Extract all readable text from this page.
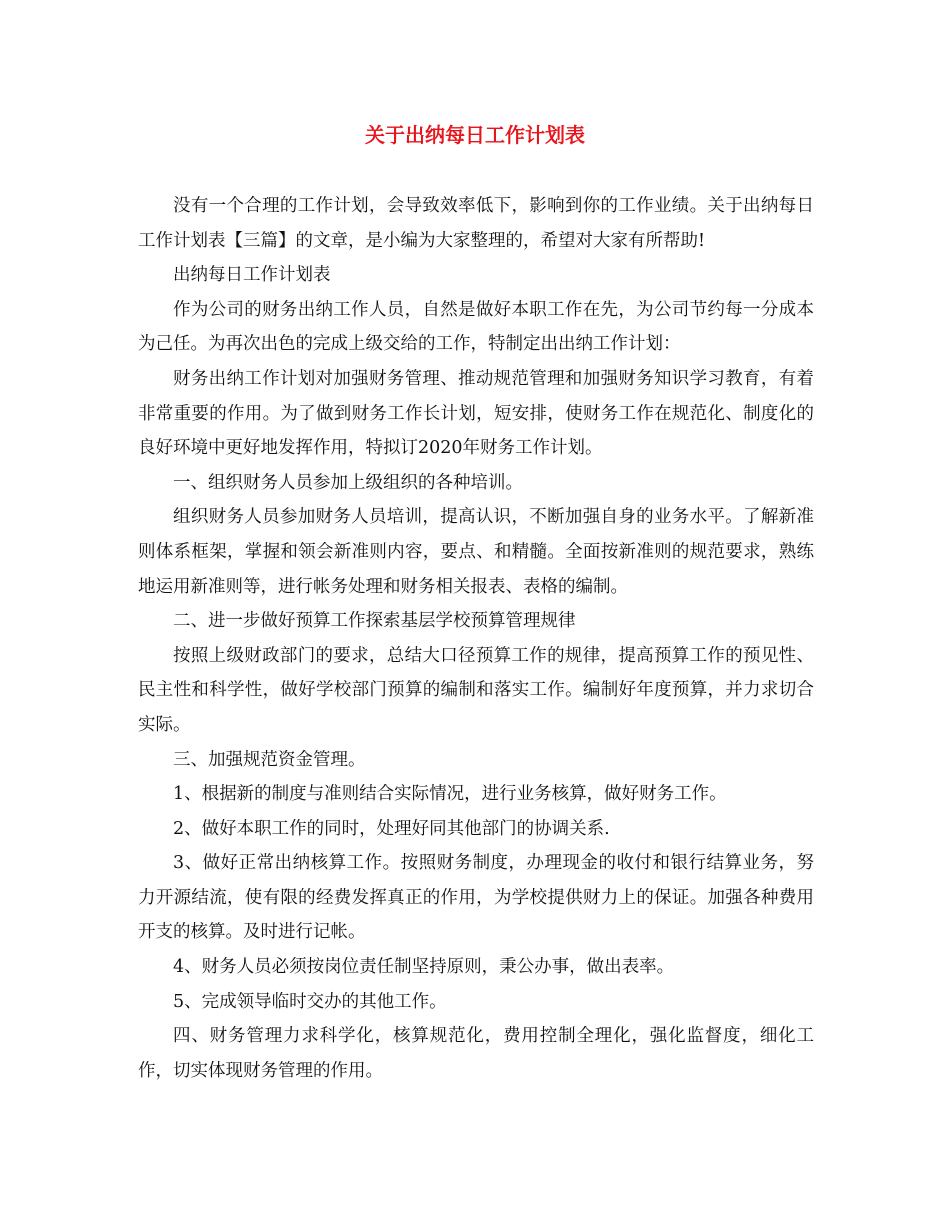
关于出纳每日工作计划表

没有一个合理的工作计划，会导致效率低下，影响到你的工作业绩。关于出纳每日工作计划表【三篇】的文章，是小编为大家整理的，希望对大家有所帮助!

出纳每日工作计划表

作为公司的财务出纳工作人员，自然是做好本职工作在先，为公司节约每一分成本为己任。为再次出色的完成上级交给的工作，特制定出出纳工作计划：

财务出纳工作计划对加强财务管理、推动规范管理和加强财务知识学习教育，有着非常重要的作用。为了做到财务工作长计划，短安排，使财务工作在规范化、制度化的良好环境中更好地发挥作用，特拟订2020年财务工作计划。

一、组织财务人员参加上级组织的各种培训。

组织财务人员参加财务人员培训，提高认识，不断加强自身的业务水平。了解新准则体系框架，掌握和领会新准则内容，要点、和精髓。全面按新准则的规范要求，熟练地运用新准则等，进行帐务处理和财务相关报表、表格的编制。

二、进一步做好预算工作探索基层学校预算管理规律

按照上级财政部门的要求，总结大口径预算工作的规律，提高预算工作的预见性、民主性和科学性，做好学校部门预算的编制和落实工作。编制好年度预算，并力求切合实际。

三、加强规范资金管理。

1、根据新的制度与准则结合实际情况，进行业务核算，做好财务工作。

2、做好本职工作的同时，处理好同其他部门的协调关系.

3、做好正常出纳核算工作。按照财务制度，办理现金的收付和银行结算业务，努力开源结流，使有限的经费发挥真正的作用，为学校提供财力上的保证。加强各种费用开支的核算。及时进行记帐。

4、财务人员必须按岗位责任制坚持原则，秉公办事，做出表率。

5、完成领导临时交办的其他工作。

四、财务管理力求科学化，核算规范化，费用控制全理化，强化监督度，细化工作，切实体现财务管理的作用。
